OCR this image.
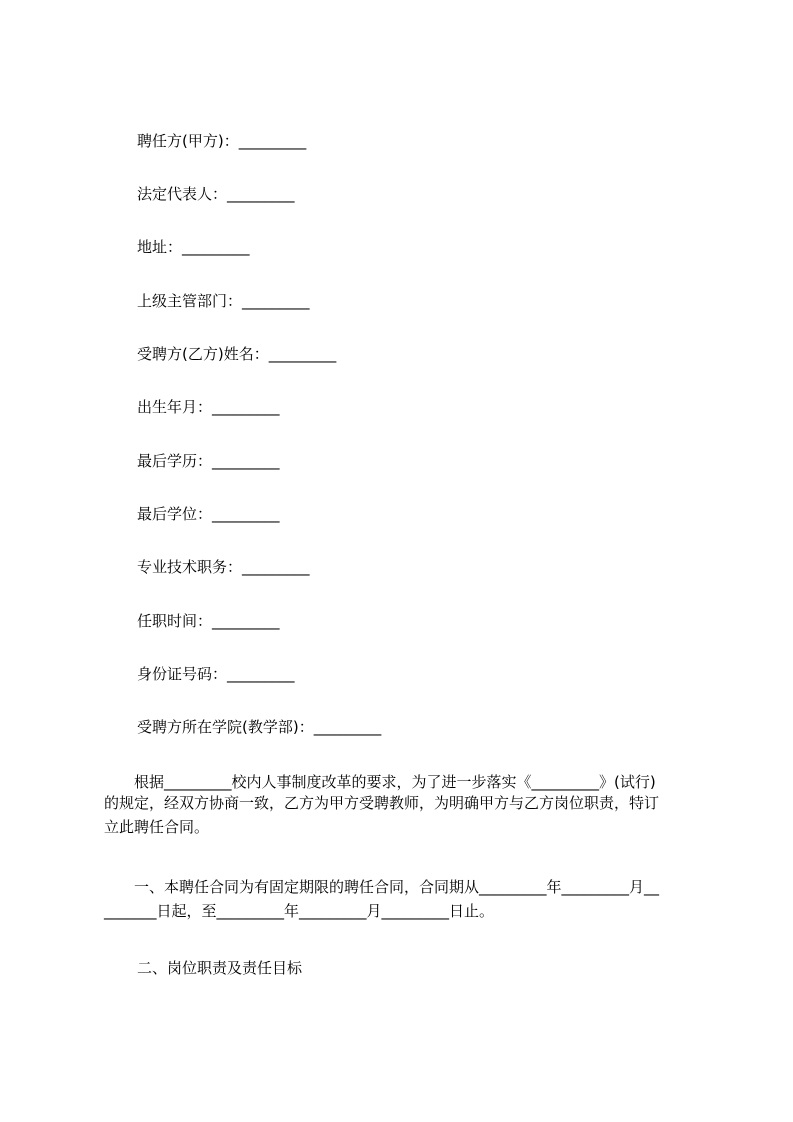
聘任方(甲方)：_________
法定代表人：_________
地址：_________
上级主管部门：_________
受聘方(乙方)姓名：_________
出生年月：_________
最后学历：_________
最后学位：_________
专业技术职务：_________
任职时间：_________
身份证号码：_________
受聘方所在学院(教学部)：_________
　　根据_________校内人事制度改革的要求，为了进一步落实《_________》(试行)
的规定，经双方协商一致，乙方为甲方受聘教师，为明确甲方与乙方岗位职责，特订
立此聘任合同。
　　一、本聘任合同为有固定期限的聘任合同，合同期从_________年_________月__
_______日起，至_________年_________月_________日止。
二、岗位职责及责任目标
